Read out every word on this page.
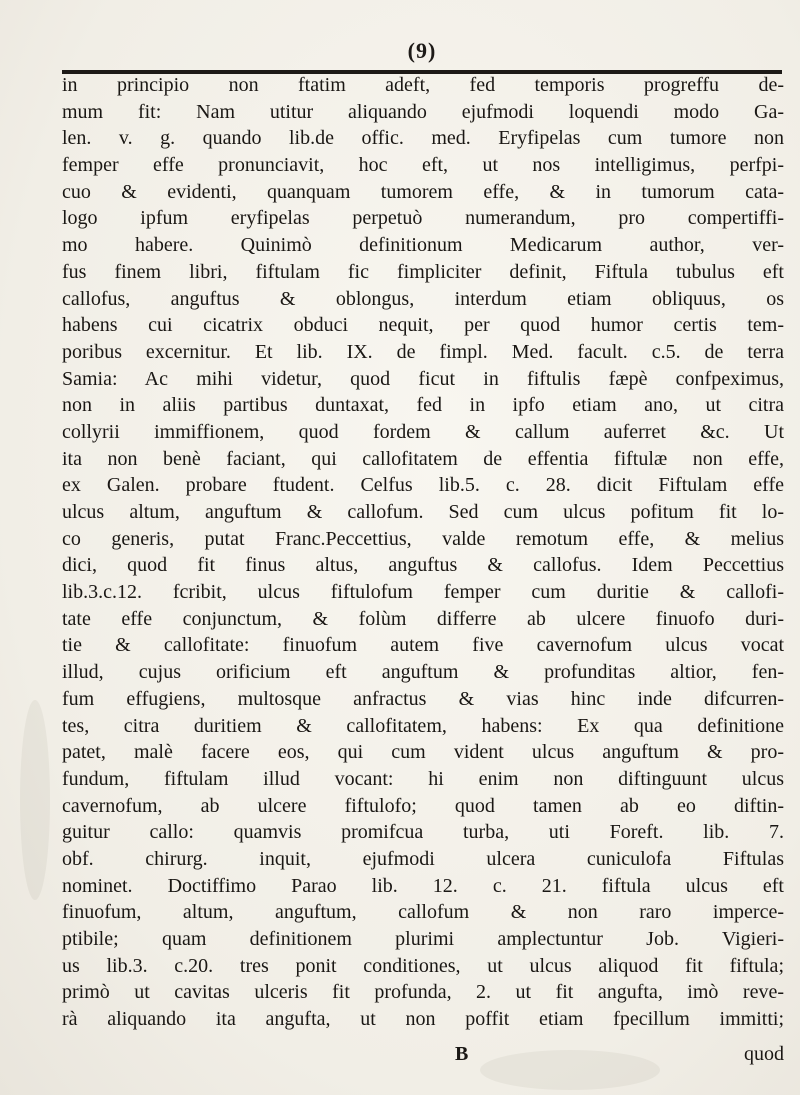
(9)
in principio non ftatim adeft, fed temporis progreffu de-
mum fit: Nam utitur aliquando ejufmodi loquendi modo Ga-
len. v. g. quando lib.de offic. med. Eryfipelas cum tumore non
femper effe pronunciavit, hoc eft, ut nos intelligimus, perfpi-
cuo & evidenti, quanquam tumorem effe, & in tumorum cata-
logo ipfum eryfipelas perpetuò numerandum, pro compertiffi-
mo habere. Quinimò definitionum Medicarum author, ver-
fus finem libri, fiftulam fic fimpliciter definit, Fiftula tubulus eft
callofus, anguftus & oblongus, interdum etiam obliquus, os
habens cui cicatrix obduci nequit, per quod humor certis tem-
poribus excernitur. Et lib. IX. de fimpl. Med. facult. c.5. de terra
Samia: Ac mihi videtur, quod ficut in fiftulis fæpè confpeximus,
non in aliis partibus duntaxat, fed in ipfo etiam ano, ut citra
collyrii immiffionem, quod fordem & callum auferret &c. Ut
ita non benè faciant, qui callofitatem de effentia fiftulæ non effe,
ex Galen. probare ftudent. Celfus lib.5. c. 28. dicit Fiftulam effe
ulcus altum, anguftum & callofum. Sed cum ulcus pofitum fit lo-
co generis, putat Franc.Peccettius, valde remotum effe, & melius
dici, quod fit finus altus, anguftus & callofus. Idem Peccettius
lib.3.c.12. fcribit, ulcus fiftulofum femper cum duritie & callofi-
tate effe conjunctum, & folùm differre ab ulcere finuofo duri-
tie & callofitate: finuofum autem five cavernofum ulcus vocat
illud, cujus orificium eft anguftum & profunditas altior, fen-
fum effugiens, multosque anfractus & vias hinc inde difcurren-
tes, citra duritiem & callofitatem, habens: Ex qua definitione
patet, malè facere eos, qui cum vident ulcus anguftum & pro-
fundum, fiftulam illud vocant: hi enim non diftinguunt ulcus
cavernofum, ab ulcere fiftulofo; quod tamen ab eo diftin-
guitur callo: quamvis promifcua turba, uti Foreft. lib. 7.
obf. chirurg. inquit, ejufmodi ulcera cuniculofa Fiftulas
nominet. Doctiffimo Parao lib. 12. c. 21. fiftula ulcus eft
finuofum, altum, anguftum, callofum & non raro imperce-
ptibile; quam definitionem plurimi amplectuntur Job. Vigieri-
us lib.3. c.20. tres ponit conditiones, ut ulcus aliquod fit fiftula;
primò ut cavitas ulceris fit profunda, 2. ut fit angufta, imò reve-
rà aliquando ita angufta, ut non poffit etiam fpecillum immitti;
B	quod
